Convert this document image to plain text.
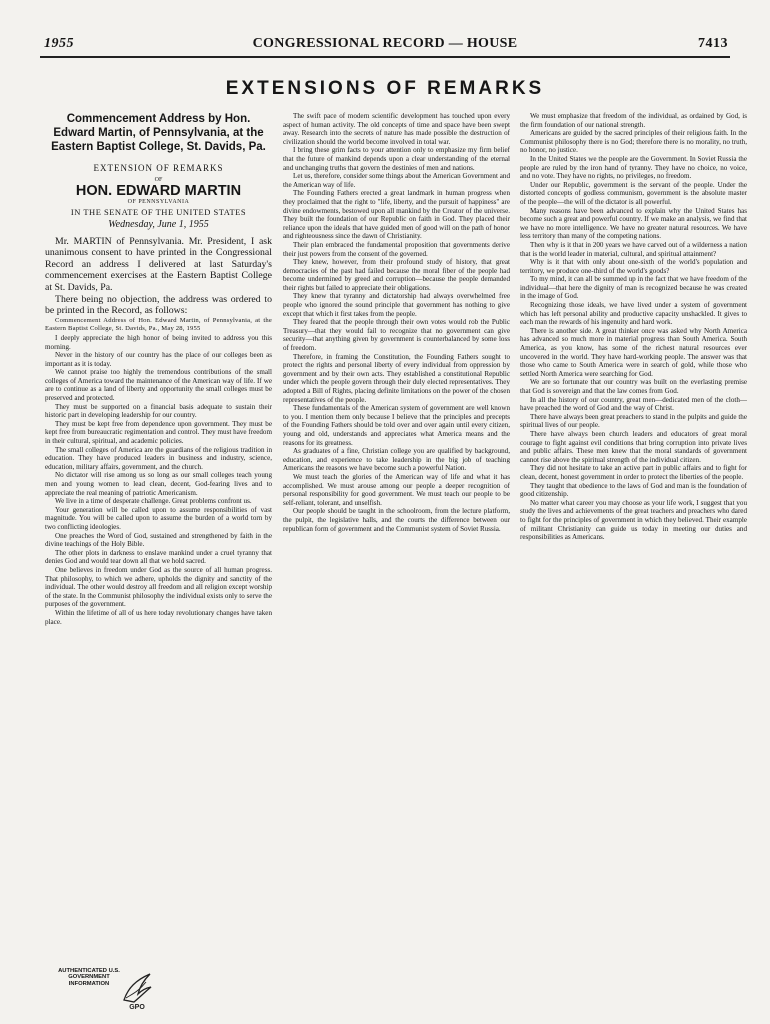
1955	CONGRESSIONAL RECORD — HOUSE	7413
EXTENSIONS OF REMARKS
Commencement Address by Hon. Edward Martin, of Pennsylvania, at the Eastern Baptist College, St. Davids, Pa.
EXTENSION OF REMARKS
OF
HON. EDWARD MARTIN
OF PENNSYLVANIA
IN THE SENATE OF THE UNITED STATES
Wednesday, June 1, 1955

Mr. MARTIN of Pennsylvania. Mr. President, I ask unanimous consent to have printed in the Congressional Record an address I delivered at last Saturday's commencement exercises at the Eastern Baptist College at St. Davids, Pa.

There being no objection, the address was ordered to be printed in the Record, as follows:

Commencement Address of Hon. Edward Martin, of Pennsylvania, at the Eastern Baptist College, St. Davids, Pa., May 28, 1955

I deeply appreciate the high honor of being invited to address you this morning.

Never in the history of our country has the place of our colleges been as important as it is today.

We cannot praise too highly the tremendous contributions of the small colleges of America toward the maintenance of the American way of life. If we are to continue as a land of liberty and opportunity the small colleges must be preserved and protected.

They must be supported on a financial basis adequate to sustain their historic part in developing leadership for our country.

They must be kept free from dependence upon government. They must be kept free from bureaucratic regimentation and control. They must have freedom in their cultural, spiritual, and academic policies.

The small colleges of America are the guardians of the religious tradition in education. They have produced leaders in business and industry, science, education, military affairs, government, and the church.

No dictator will rise among us so long as our small colleges teach young men and young women to lead clean, decent, God-fearing lives and to appreciate the real meaning of patriotic Americanism.

We live in a time of desperate challenge. Great problems confront us.

Your generation will be called upon to assume responsibilities of vast magnitude. You will be called upon to assume the burden of a world torn by two conflicting ideologies.

One preaches the Word of God, sustained and strengthened by faith in the divine teachings of the Holy Bible.

The other plots in darkness to enslave mankind under a cruel tyranny that denies God and would tear down all that we hold sacred.

One believes in freedom under God as the source of all human progress. That philosophy, to which we adhere, upholds the dignity and sanctity of the individual. The other would destroy all freedom and all religion except worship of the state. In the Communist philosophy the individual exists only to serve the purposes of the government.

Within the lifetime of all of us here today revolutionary changes have taken place.

The swift pace of modern scientific development has touched upon every aspect of human activity. The old concepts of time and space have been swept away. Research into the secrets of nature has made possible the destruction of civilization should the world become involved in total war.

I bring these grim facts to your attention only to emphasize my firm belief that the future of mankind depends upon a clear understanding of the eternal and unchanging truths that govern the destinies of men and nations.

Let us, therefore, consider some things about the American Government and the American way of life.

The Founding Fathers erected a great landmark in human progress when they proclaimed that the right to "life, liberty, and the pursuit of happiness" are divine endowments, bestowed upon all mankind by the Creator of the universe. They built the foundation of our Republic on faith in God. They placed their reliance upon the ideals that have guided men of good will on the path of honor and righteousness since the dawn of Christianity.

Their plan embraced the fundamental proposition that governments derive their just powers from the consent of the governed.

They knew, however, from their profound study of history, that great democracies of the past had failed because the moral fiber of the people had become undermined by greed and corruption—because the people demanded their rights but failed to appreciate their obligations.

They knew that tyranny and dictatorship had always overwhelmed free people who ignored the sound principle that government has nothing to give except that which it first takes from the people.

They feared that the people through their own votes would rob the Public Treasury—that they would fail to recognize that no government can give security—that anything given by government is counterbalanced by some loss of freedom.

Therefore, in framing the Constitution, the Founding Fathers sought to protect the rights and personal liberty of every individual from oppression by government and by their own acts. They established a constitutional Republic under which the people govern through their duly elected representatives. They adopted a Bill of Rights, placing definite limitations on the power of the chosen representatives of the people.

These fundamentals of the American system of government are well known to you. I mention them only because I believe that the principles and precepts of the Founding Fathers should be told over and over again until every citizen, young and old, understands and appreciates what America means and the reasons for its greatness.

As graduates of a fine, Christian college you are qualified by background, education, and experience to take leadership in the big job of teaching Americans the reasons we have become such a powerful Nation.

We must teach the glories of the American way of life and what it has accomplished. We must arouse among our people a deeper recognition of personal responsibility for good government. We must teach our people to be self-reliant, tolerant, and unselfish.

Our people should be taught in the schoolroom, from the lecture platform, the pulpit, the legislative halls, and the courts the difference between our republican form of government and the Communist system of Soviet Russia.

We must emphasize that freedom of the individual, as ordained by God, is the firm foundation of our national strength.

Americans are guided by the sacred principles of their religious faith. In the Communist philosophy there is no God; therefore there is no morality, no truth, no honor, no justice.

In the United States we the people are the Government. In Soviet Russia the people are ruled by the iron hand of tyranny. They have no choice, no voice, and no vote. They have no rights, no privileges, no freedom.

Under our Republic, government is the servant of the people. Under the distorted concepts of godless communism, government is the absolute master of the people—the will of the dictator is all powerful.

Many reasons have been advanced to explain why the United States has become such a great and powerful country. If we make an analysis, we find that we have no more intelligence. We have no greater natural resources. We have less territory than many of the competing nations.

Then why is it that in 200 years we have carved out of a wilderness a nation that is the world leader in material, cultural, and spiritual attainment?

Why is it that with only about one-sixth of the world's population and territory, we produce one-third of the world's goods?

To my mind, it can all be summed up in the fact that we have freedom of the individual—that here the dignity of man is recognized because he was created in the image of God.

Recognizing those ideals, we have lived under a system of government which has left personal ability and productive capacity unshackled. It gives to each man the rewards of his ingenuity and hard work.

There is another side. A great thinker once was asked why North America has advanced so much more in material progress than South America. South America, as you know, has some of the richest natural resources ever uncovered in the world. They have hard-working people. The answer was that those who came to South America were in search of gold, while those who settled North America were searching for God.

We are so fortunate that our country was built on the everlasting premise that God is sovereign and that the law comes from God.

In all the history of our country, great men—dedicated men of the cloth—have preached the word of God and the way of Christ.

There have always been great preachers to stand in the pulpits and guide the spiritual lives of our people.

There have always been church leaders and educators of great moral courage to fight against evil conditions that bring corruption into private lives and public affairs. These men knew that the moral standards of government cannot rise above the spiritual strength of the individual citizen.

They did not hesitate to take an active part in public affairs and to fight for clean, decent, honest government in order to protect the liberties of the people.

They taught that obedience to the laws of God and man is the foundation of good citizenship.

No matter what career you may choose as your life work, I suggest that you study the lives and achievements of the great teachers and preachers who dared to fight for the principles of government in which they believed. Their example of militant Christianity can guide us today in meeting our duties and responsibilities as Americans.

AUTHENTICATED U.S. GOVERNMENT INFORMATION
GPO
